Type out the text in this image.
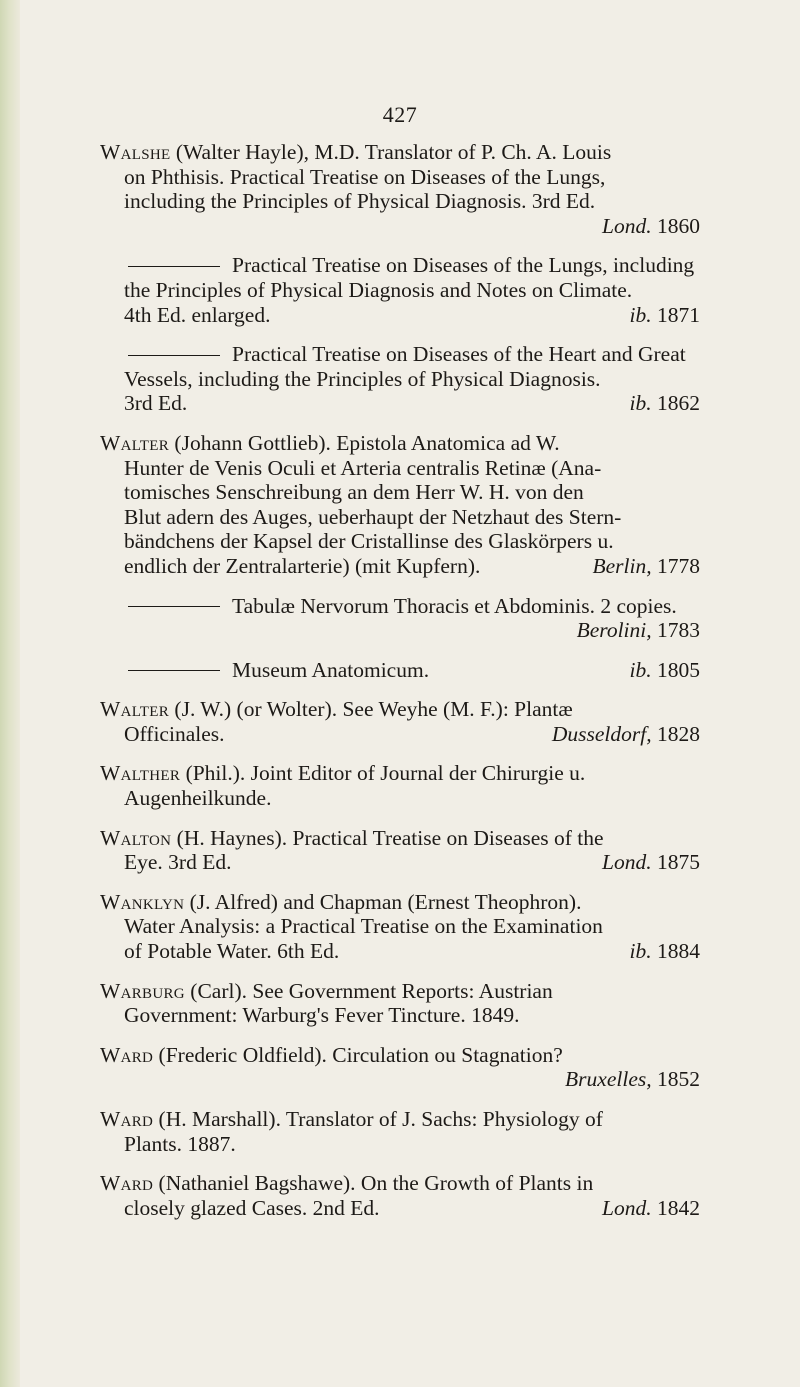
427
Walshe (Walter Hayle), M.D. Translator of P. Ch. A. Louis
on Phthisis. Practical Treatise on Diseases of the Lungs,
including the Principles of Physical Diagnosis. 3rd Ed.
Lond. 1860
Practical Treatise on Diseases of the Lungs, including
the Principles of Physical Diagnosis and Notes on Climate.
4th Ed. enlarged.	ib. 1871
Practical Treatise on Diseases of the Heart and Great
Vessels, including the Principles of Physical Diagnosis.
3rd Ed.	ib. 1862
Walter (Johann Gottlieb). Epistola Anatomica ad W.
Hunter de Venis Oculi et Arteria centralis Retinæ (Ana-
tomisches Senschreibung an dem Herr W. H. von den
Blut adern des Auges, ueberhaupt der Netzhaut des Stern-
bändchens der Kapsel der Cristallinse des Glaskörpers u.
endlich der Zentralarterie) (mit Kupfern).	Berlin, 1778
Tabulæ Nervorum Thoracis et Abdominis. 2 copies.
Berolini, 1783
Museum Anatomicum.	ib. 1805
Walter (J. W.) (or Wolter). See Weyhe (M. F.): Plantæ
Officinales.	Dusseldorf, 1828
Walther (Phil.). Joint Editor of Journal der Chirurgie u.
Augenheilkunde.
Walton (H. Haynes). Practical Treatise on Diseases of the
Eye. 3rd Ed.	Lond. 1875
Wanklyn (J. Alfred) and Chapman (Ernest Theophron).
Water Analysis: a Practical Treatise on the Examination
of Potable Water. 6th Ed.	ib. 1884
Warburg (Carl). See Government Reports: Austrian
Government: Warburg's Fever Tincture. 1849.
Ward (Frederic Oldfield). Circulation ou Stagnation?
Bruxelles, 1852
Ward (H. Marshall). Translator of J. Sachs: Physiology of
Plants. 1887.
Ward (Nathaniel Bagshawe). On the Growth of Plants in
closely glazed Cases. 2nd Ed.	Lond. 1842
